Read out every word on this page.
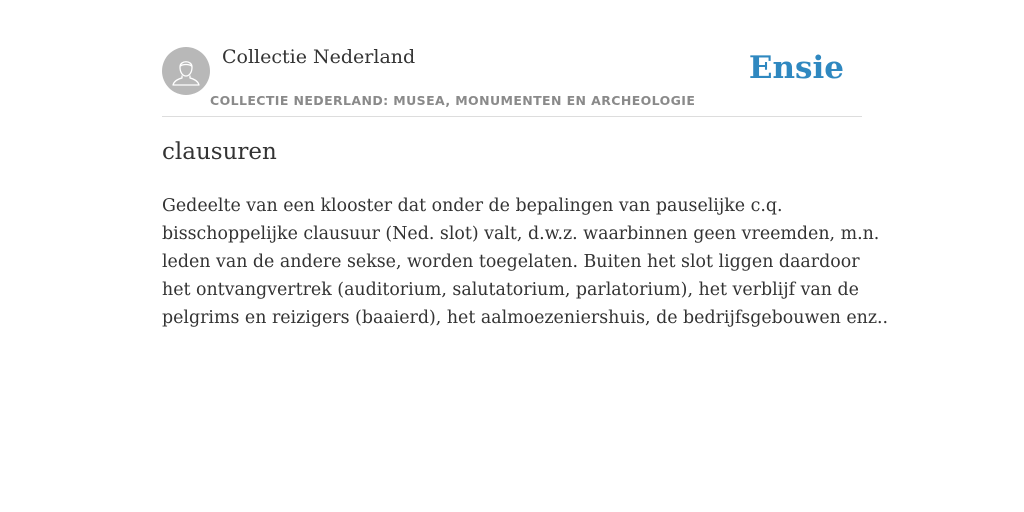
Collectie Nederland
COLLECTIE NEDERLAND: MUSEA, MONUMENTEN EN ARCHEOLOGIE
Ensie
clausuren
Gedeelte van een klooster dat onder de bepalingen van pauselijke c.q.
bisschoppelijke clausuur (Ned. slot) valt, d.w.z. waarbinnen geen vreemden, m.n.
leden van de andere sekse, worden toegelaten. Buiten het slot liggen daardoor
het ontvangvertrek (auditorium, salutatorium, parlatorium), het verblijf van de
pelgrims en reizigers (baaierd), het aalmoezeniershuis, de bedrijfsgebouwen enz..
